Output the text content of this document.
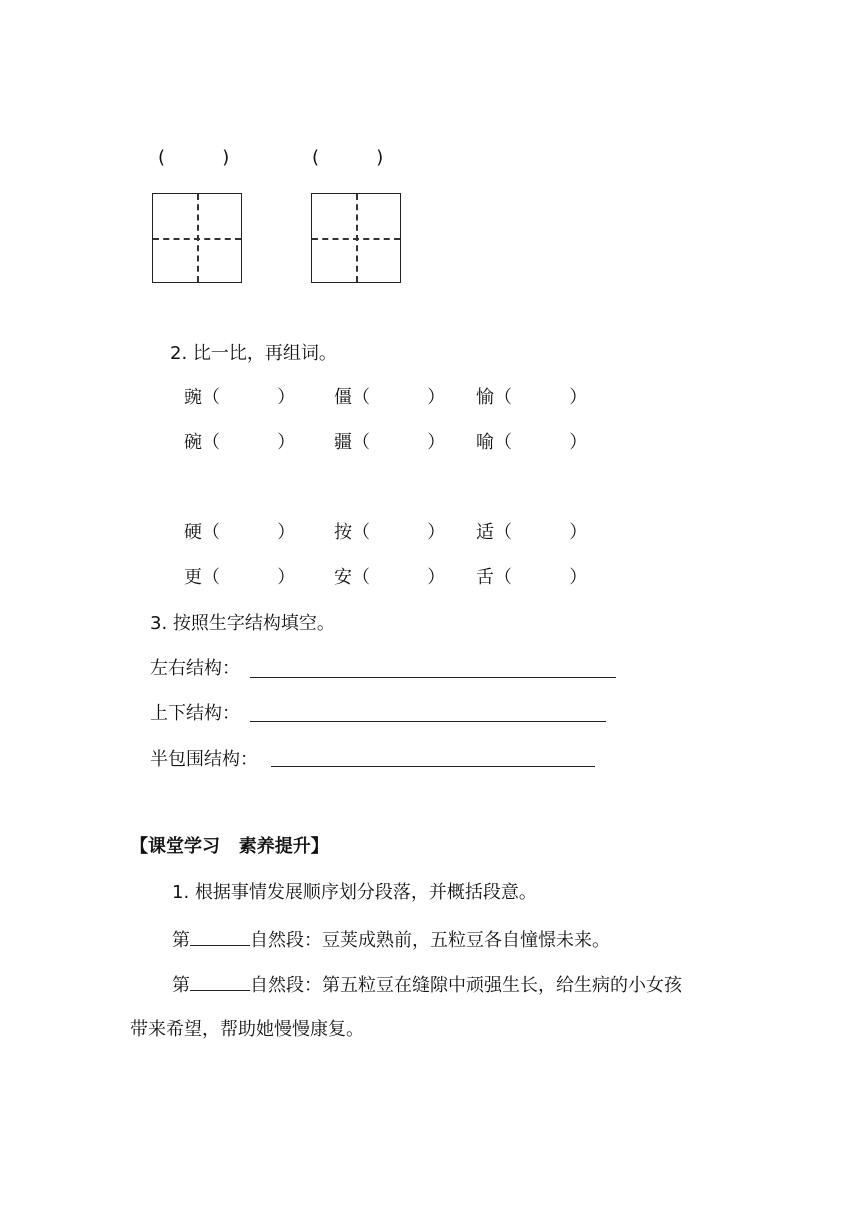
(          )	(          )
2. 比一比，再组词。
豌（          ） 僵（          ） 愉（          ）
碗（          ） 疆（          ） 喻（          ）
硬（          ） 按（          ） 适（          ）
更（          ） 安（          ） 舌（          ）
3. 按照生字结构填空。
左右结构：
上下结构：
半包围结构：
【课堂学习   素养提升】
1. 根据事情发展顺序划分段落，并概括段意。
第	自然段：豆荚成熟前，五粒豆各自憧憬未来。
第	自然段：第五粒豆在缝隙中顽强生长，给生病的小女孩
带来希望，帮助她慢慢康复。
